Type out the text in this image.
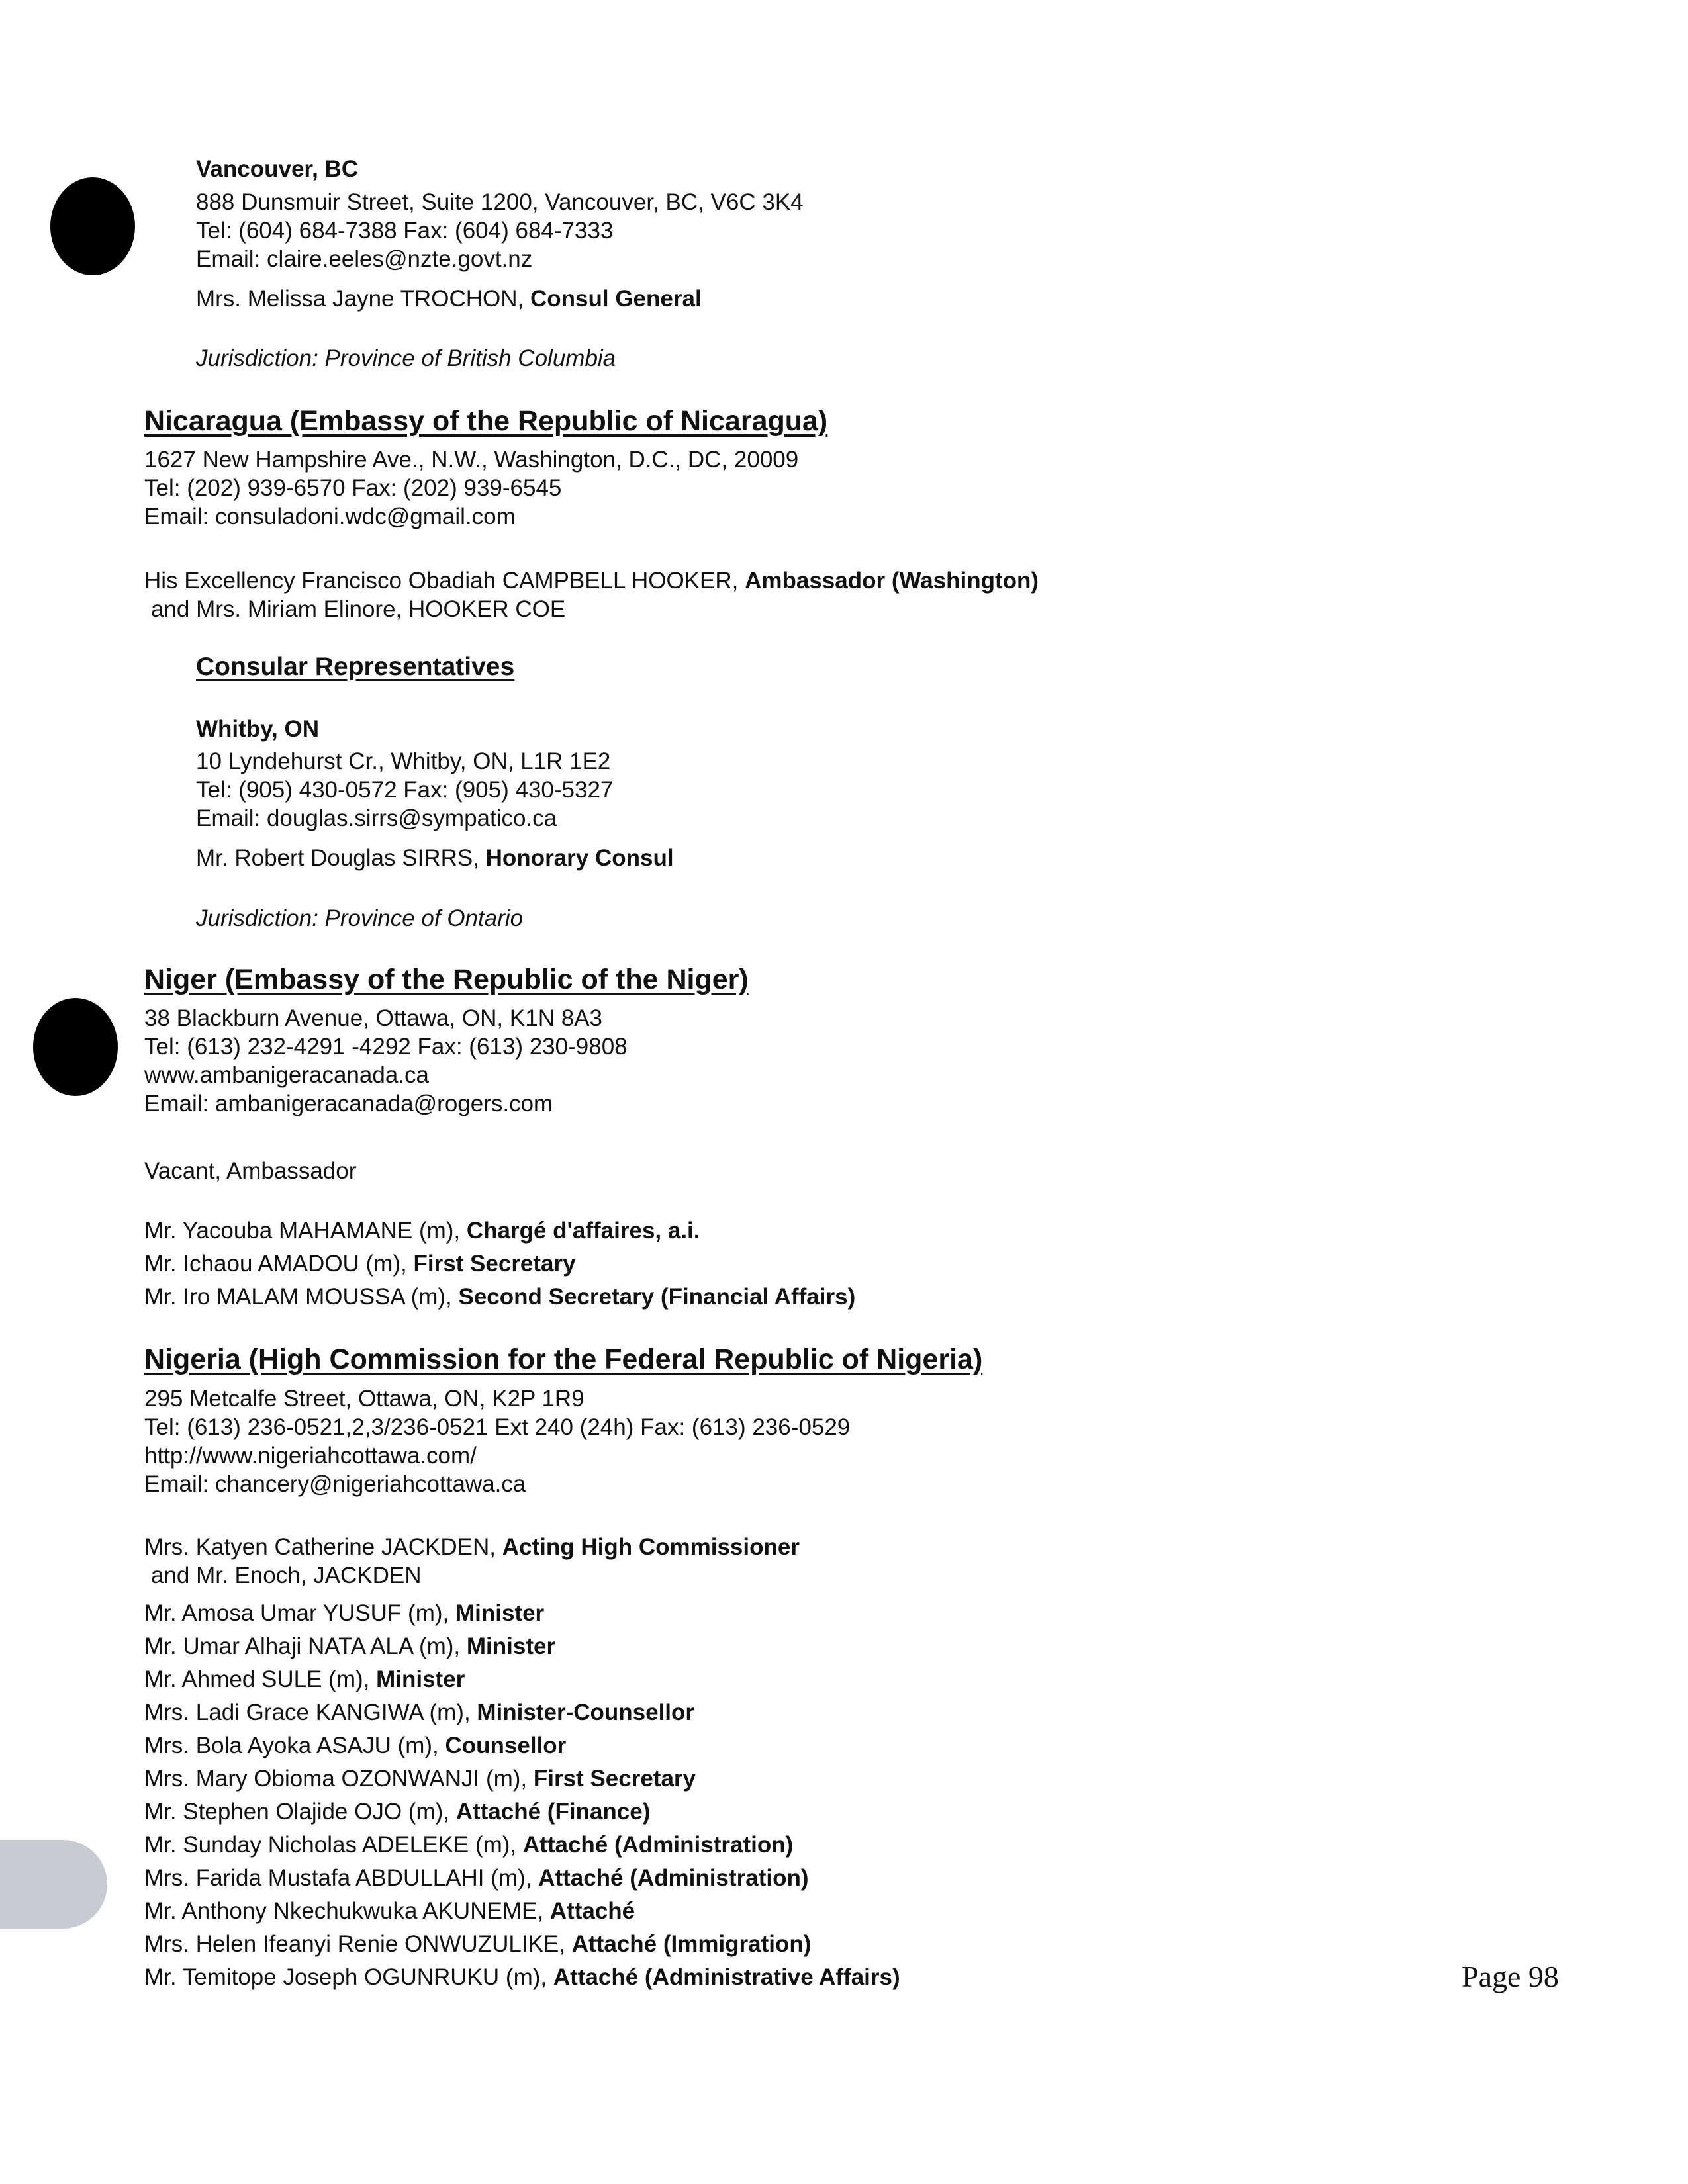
Vancouver, BC
888 Dunsmuir Street, Suite 1200, Vancouver, BC, V6C 3K4
Tel: (604) 684-7388 Fax: (604) 684-7333
Email: claire.eeles@nzte.govt.nz
Mrs. Melissa Jayne TROCHON, Consul General
Jurisdiction: Province of British Columbia
Nicaragua (Embassy of the Republic of Nicaragua)
1627 New Hampshire Ave., N.W., Washington, D.C., DC, 20009
Tel: (202) 939-6570 Fax: (202) 939-6545
Email: consuladoni.wdc@gmail.com
His Excellency Francisco Obadiah CAMPBELL HOOKER, Ambassador (Washington)
and Mrs. Miriam Elinore, HOOKER COE
Consular Representatives
Whitby, ON
10 Lyndehurst Cr., Whitby, ON, L1R 1E2
Tel: (905) 430-0572 Fax: (905) 430-5327
Email: douglas.sirrs@sympatico.ca
Mr. Robert Douglas SIRRS, Honorary Consul
Jurisdiction: Province of Ontario
Niger (Embassy of the Republic of the Niger)
38 Blackburn Avenue, Ottawa, ON, K1N 8A3
Tel: (613) 232-4291 -4292 Fax: (613) 230-9808
www.ambanigeracanada.ca
Email: ambanigeracanada@rogers.com
Vacant, Ambassador
Mr. Yacouba MAHAMANE (m), Chargé d'affaires, a.i.
Mr. Ichaou AMADOU (m), First Secretary
Mr. Iro MALAM MOUSSA (m), Second Secretary (Financial Affairs)
Nigeria (High Commission for the Federal Republic of Nigeria)
295 Metcalfe Street, Ottawa, ON, K2P 1R9
Tel: (613) 236-0521,2,3/236-0521 Ext 240 (24h) Fax: (613) 236-0529
http://www.nigeriahcottawa.com/
Email: chancery@nigeriahcottawa.ca
Mrs. Katyen Catherine JACKDEN, Acting High Commissioner
and Mr. Enoch, JACKDEN
Mr. Amosa Umar YUSUF (m), Minister
Mr. Umar Alhaji NATA ALA (m), Minister
Mr. Ahmed SULE (m), Minister
Mrs. Ladi Grace KANGIWA (m), Minister-Counsellor
Mrs. Bola Ayoka ASAJU (m), Counsellor
Mrs. Mary Obioma OZONWANJI (m), First Secretary
Mr. Stephen Olajide OJO (m), Attaché (Finance)
Mr. Sunday Nicholas ADELEKE (m), Attaché (Administration)
Mrs. Farida Mustafa ABDULLAHI (m), Attaché (Administration)
Mr. Anthony Nkechukwuka AKUNEME, Attaché
Mrs. Helen Ifeanyi Renie ONWUZULIKE, Attaché (Immigration)
Mr. Temitope Joseph OGUNRUKU (m), Attaché (Administrative Affairs)	Page 98
